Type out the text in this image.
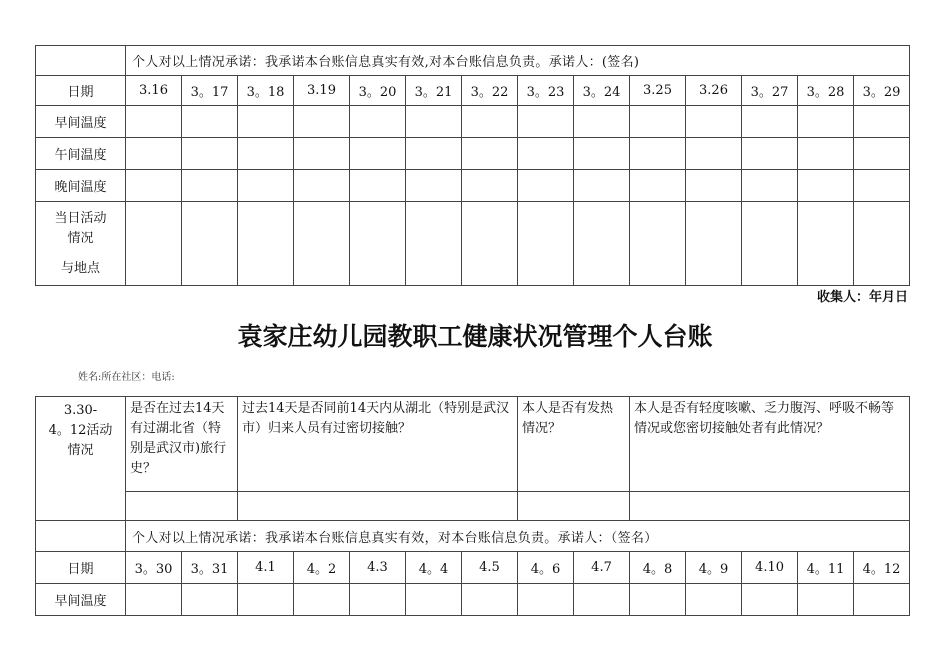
	个人对以上情况承诺：我承诺本台账信息真实有效,对本台账信息负责。承诺人：(签名)													
日期	3.16	3。17	3。18	3.19	3。20	3。21	3。22	3。23	3。24	3.25	3.26	3。27	3。28	3。29
早间温度														
午间温度														
晚间温度														

当日活动
情况
与地点														

收集人：年月日
袁家庄幼儿园教职工健康状况管理个人台账
姓名:所在社区：电话:
3.30-
4。12活动
情况	是否在过去14天有过湖北省（特别是武汉市)旅行史？		过去14天是否同前14天内从湖北（特别是武汉市）归来人员有过密切接触？					本人是否有发热情况？		本人是否有轻度咳嗽、乏力腹泻、呼吸不畅等情况或您密切接触处者有此情况？				

	个人对以上情况承诺：我承诺本台账信息真实有效，对本台账信息负责。承诺人：（签名）													
日期	3。30	3。31	4.1	4。2	4.3	4。4	4.5	4。6	4.7	4。8	4。9	4.10	4。11	4。12
早间温度														
